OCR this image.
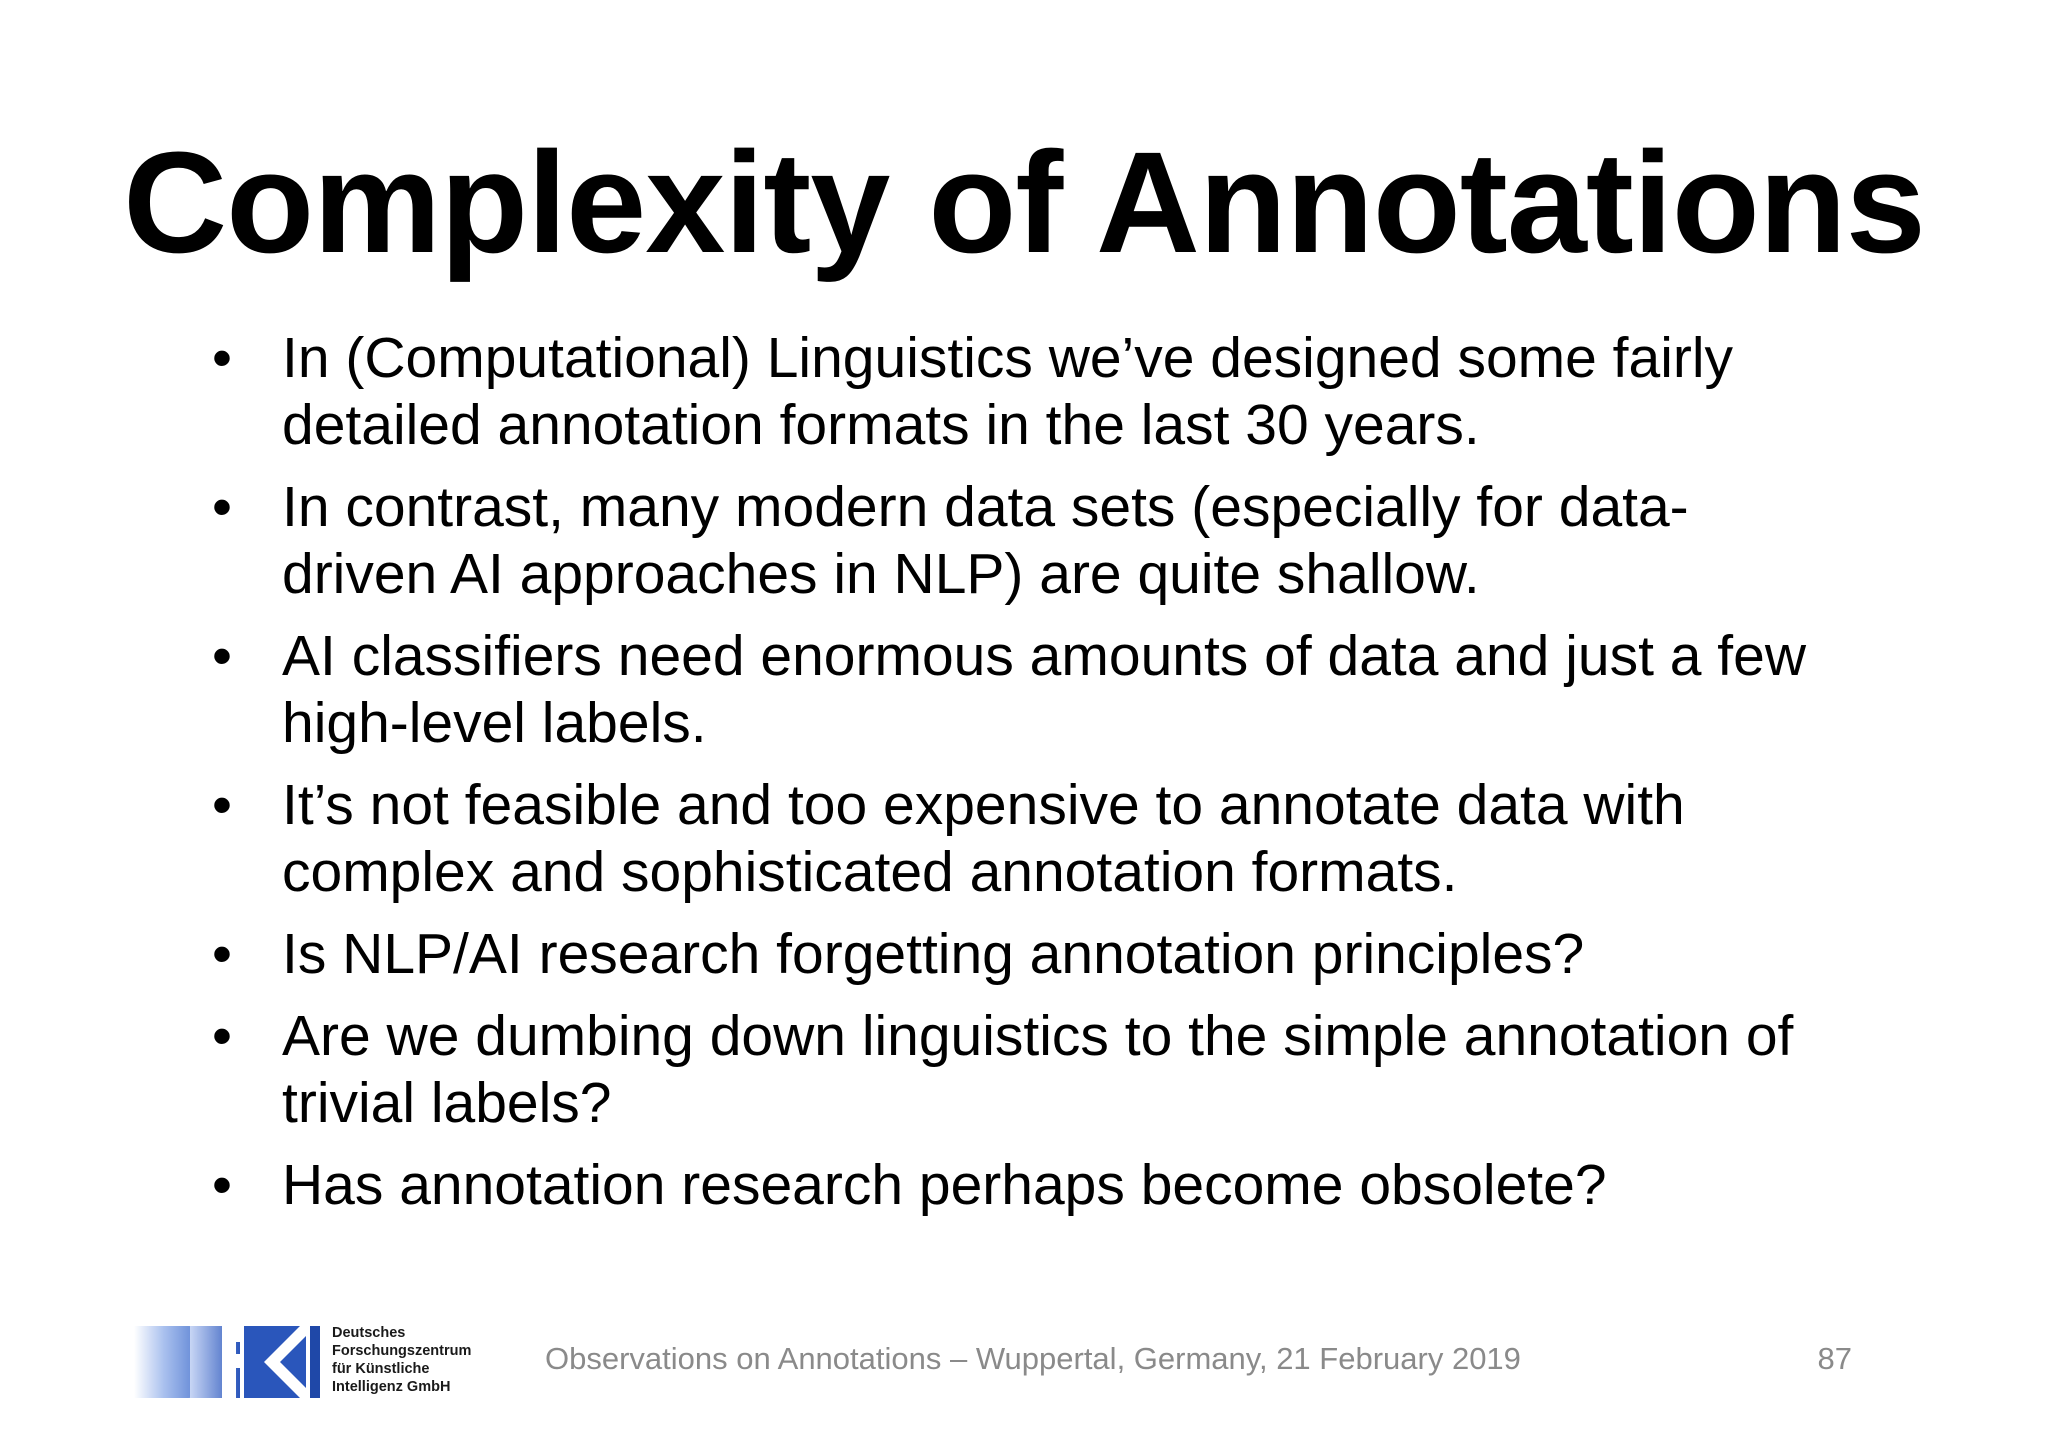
Complexity of Annotations
• In (Computational) Linguistics we’ve designed some fairly detailed annotation formats in the last 30 years.
• In contrast, many modern data sets (especially for data-driven AI approaches in NLP) are quite shallow.
• AI classifiers need enormous amounts of data and just a few high-level labels.
• It’s not feasible and too expensive to annotate data with complex and sophisticated annotation formats.
• Is NLP/AI research forgetting annotation principles?
• Are we dumbing down linguistics to the simple annotation of trivial labels?
• Has annotation research perhaps become obsolete?
Deutsches
Forschungszentrum
für Künstliche
Intelligenz GmbH
Observations on Annotations – Wuppertal, Germany, 21 February 2019	87
